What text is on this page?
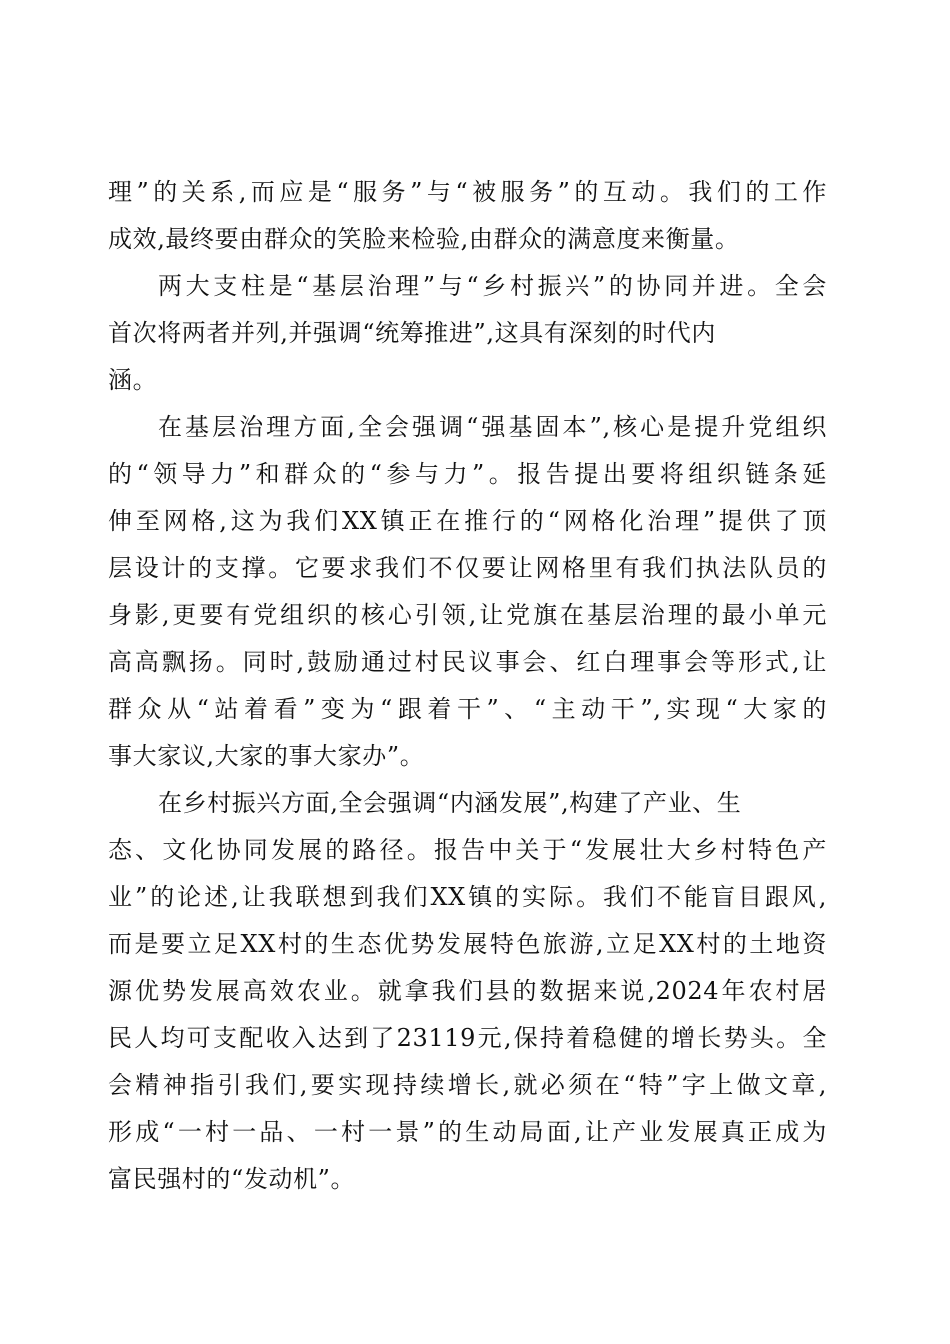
理”的关系,而应是“服务”与“被服务”的互动。我们的工作
成效,最终要由群众的笑脸来检验,由群众的满意度来衡量。
两大支柱是“基层治理”与“乡村振兴”的协同并进。全会
首次将两者并列,并强调“统筹推进”,这具有深刻的时代内
涵。
在基层治理方面,全会强调“强基固本”,核心是提升党组织
的“领导力”和群众的“参与力”。报告提出要将组织链条延
伸至网格,这为我们XX镇正在推行的“网格化治理”提供了顶
层设计的支撑。它要求我们不仅要让网格里有我们执法队员的
身影,更要有党组织的核心引领,让党旗在基层治理的最小单元
高高飘扬。同时,鼓励通过村民议事会、红白理事会等形式,让
群众从“站着看”变为“跟着干”、“主动干”,实现“大家的
事大家议,大家的事大家办”。
在乡村振兴方面,全会强调“内涵发展”,构建了产业、生
态、文化协同发展的路径。报告中关于“发展壮大乡村特色产
业”的论述,让我联想到我们XX镇的实际。我们不能盲目跟风,
而是要立足XX村的生态优势发展特色旅游,立足XX村的土地资
源优势发展高效农业。就拿我们县的数据来说,2024年农村居
民人均可支配收入达到了23119元,保持着稳健的增长势头。全
会精神指引我们,要实现持续增长,就必须在“特”字上做文章,
形成“一村一品、一村一景”的生动局面,让产业发展真正成为
富民强村的“发动机”。
